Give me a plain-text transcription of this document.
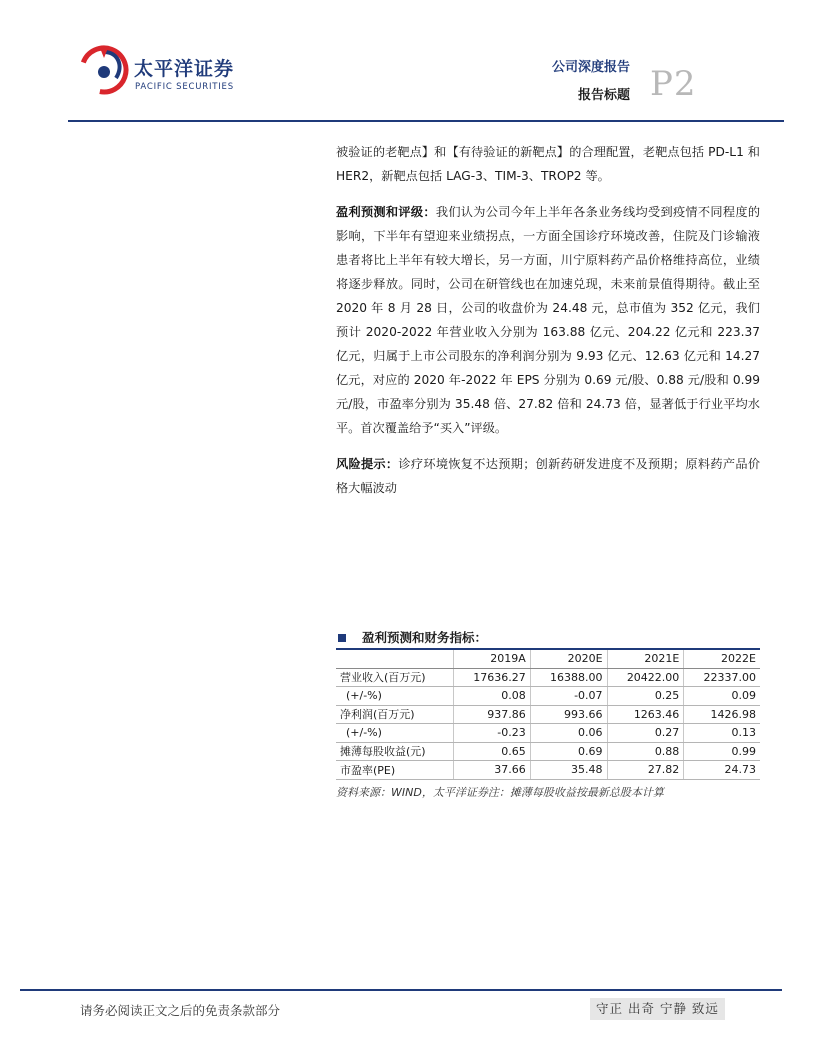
太平洋证券
PACIFIC SECURITIES
公司深度报告
报告标题 P2

被验证的老靶点】和【有待验证的新靶点】的合理配置，老靶点包括 PD-L1 和 HER2，新靶点包括 LAG-3、TIM-3、TROP2 等。

盈利预测和评级：我们认为公司今年上半年各条业务线均受到疫情不同程度的影响，下半年有望迎来业绩拐点，一方面全国诊疗环境改善，住院及门诊输液患者将比上半年有较大增长，另一方面，川宁原料药产品价格维持高位，业绩将逐步释放。同时，公司在研管线也在加速兑现，未来前景值得期待。截止至 2020 年 8 月 28 日，公司的收盘价为 24.48 元，总市值为 352 亿元，我们预计 2020-2022 年营业收入分别为 163.88 亿元、204.22 亿元和 223.37 亿元，归属于上市公司股东的净利润分别为 9.93 亿元、12.63 亿元和 14.27 亿元，对应的 2020 年-2022 年 EPS 分别为 0.69 元/股、0.88 元/股和 0.99 元/股，市盈率分别为 35.48 倍、27.82 倍和 24.73 倍，显著低于行业平均水平。首次覆盖给予“买入”评级。

风险提示：诊疗环境恢复不达预期；创新药研发进度不及预期；原料药产品价格大幅波动

盈利预测和财务指标：
	2019A	2020E	2021E	2022E
营业收入(百万元)	17636.27	16388.00	20422.00	22337.00
(+/-%)	0.08	-0.07	0.25	0.09
净利润(百万元)	937.86	993.66	1263.46	1426.98
(+/-%)	-0.23	0.06	0.27	0.13
摊薄每股收益(元)	0.65	0.69	0.88	0.99
市盈率(PE)	37.66	35.48	27.82	24.73
资料来源：WIND，太平洋证券注：摊薄每股收益按最新总股本计算
请务必阅读正文之后的免责条款部分	守正 出奇 宁静 致远
